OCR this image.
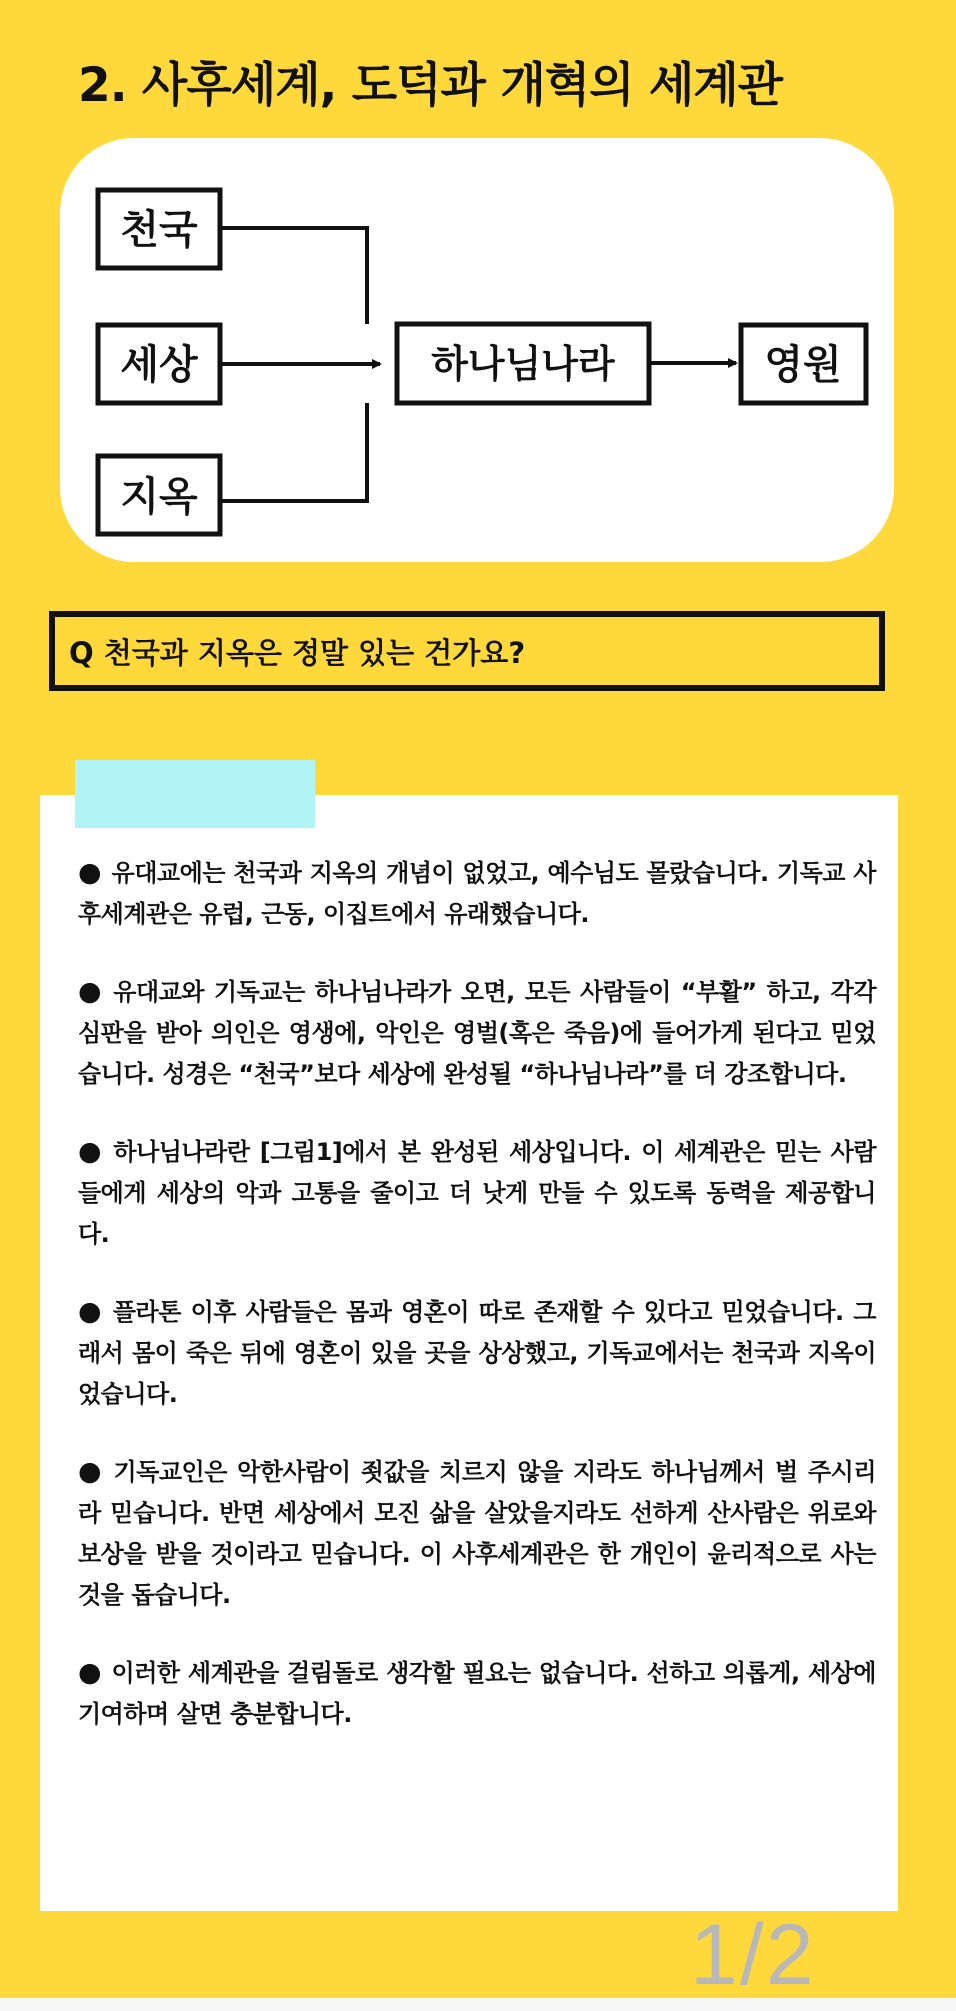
2. 사후세계, 도덕과 개혁의 세계관
천국
세상
지옥
하나님나라	영원
Q 천국과 지옥은 정말 있는 건가요?

● 유대교에는 천국과 지옥의 개념이 없었고, 예수님도 몰랐습니다. 기독교 사후세계관은 유럽, 근동, 이집트에서 유래했습니다.

● 유대교와 기독교는 하나님나라가 오면, 모든 사람들이 “부활” 하고, 각각 심판을 받아 의인은 영생에, 악인은 영벌(혹은 죽음)에 들어가게 된다고 믿었습니다. 성경은 “천국”보다 세상에 완성될 “하나님나라”를 더 강조합니다.

● 하나님나라란 [그림1]에서 본 완성된 세상입니다. 이 세계관은 믿는 사람들에게 세상의 악과 고통을 줄이고 더 낫게 만들 수 있도록 동력을 제공합니다.

● 플라톤 이후 사람들은 몸과 영혼이 따로 존재할 수 있다고 믿었습니다. 그래서 몸이 죽은 뒤에 영혼이 있을 곳을 상상했고, 기독교에서는 천국과 지옥이었습니다.

● 기독교인은 악한사람이 죗값을 치르지 않을 지라도 하나님께서 벌 주시리라 믿습니다. 반면 세상에서 모진 삶을 살았을지라도 선하게 산사람은 위로와 보상을 받을 것이라고 믿습니다. 이 사후세계관은 한 개인이 윤리적으로 사는 것을 돕습니다.

● 이러한 세계관을 걸림돌로 생각할 필요는 없습니다. 선하고 의롭게, 세상에 기여하며 살면 충분합니다.

1/2
